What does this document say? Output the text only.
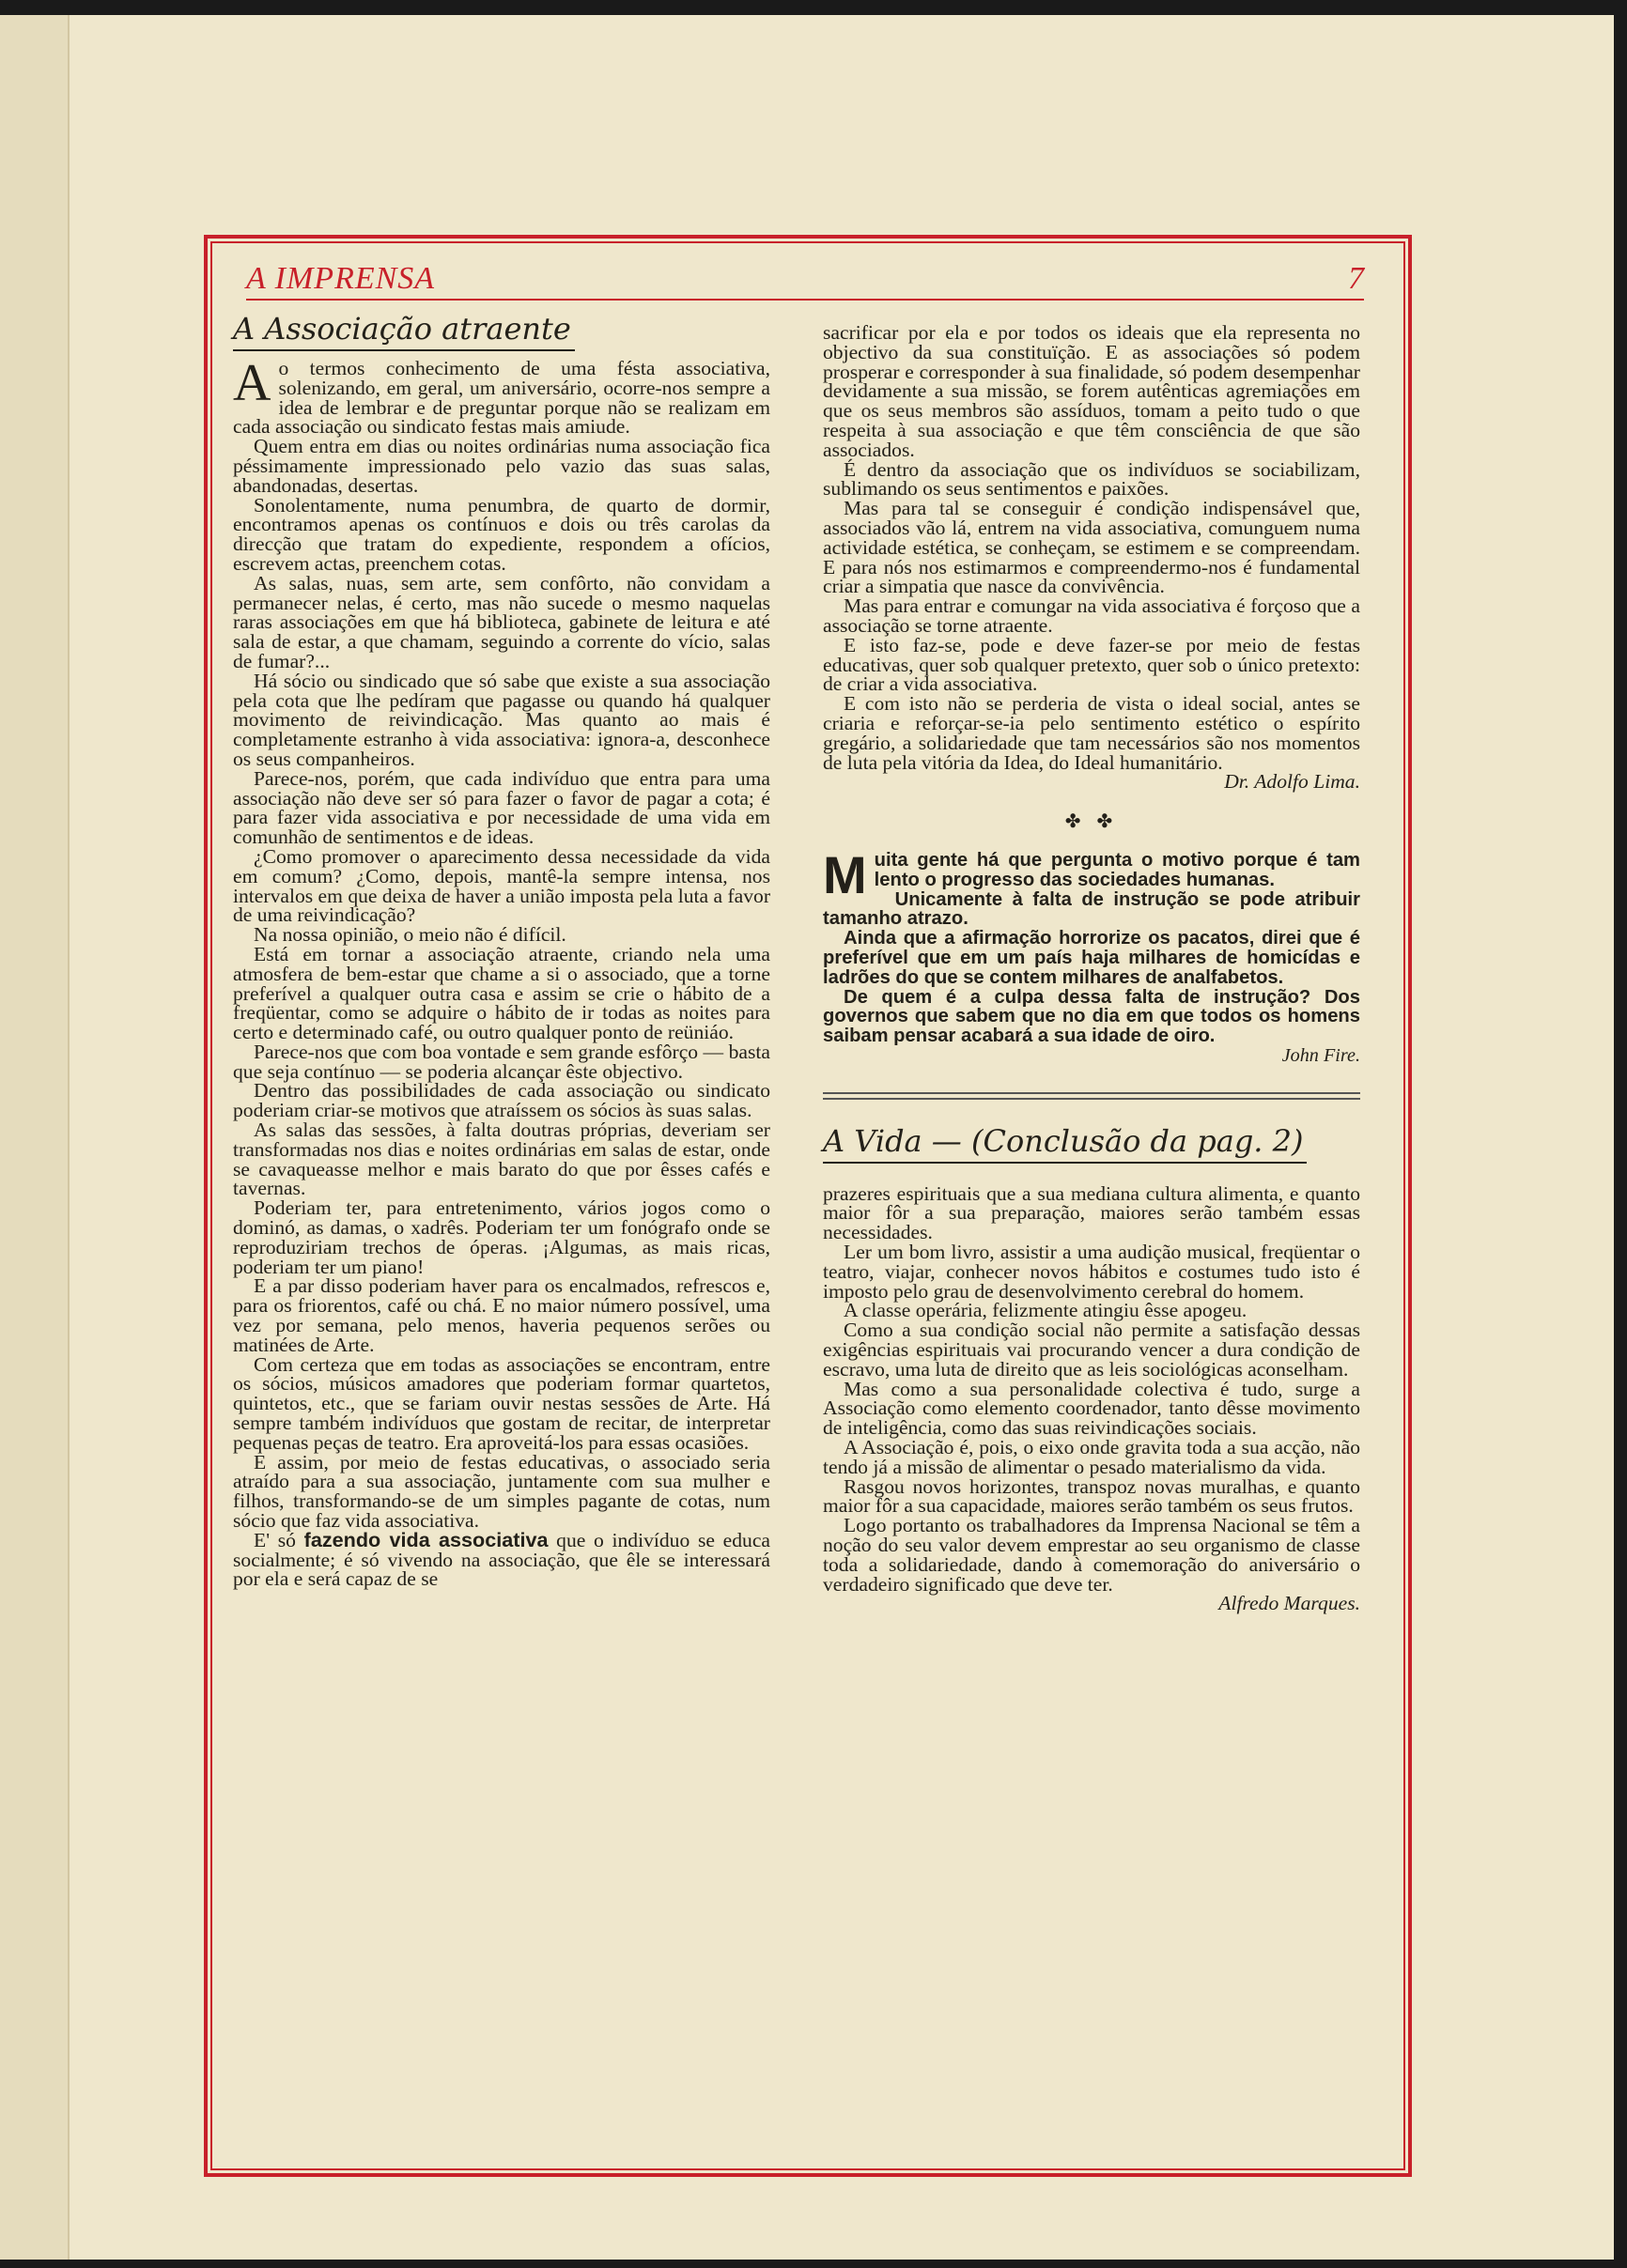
A IMPRENSA	7
A Associação atraente

Ao termos conhecimento de uma fésta associativa, solenizando, em geral, um aniversário, ocorre-nos sempre a idea de lembrar e de preguntar porque não se realizam em cada associação ou sindicato festas mais amiude.

Quem entra em dias ou noites ordinárias numa associação fica péssimamente impressionado pelo vazio das suas salas, abandonadas, desertas.

Sonolentamente, numa penumbra, de quarto de dormir, encontramos apenas os contínuos e dois ou três carolas da direcção que tratam do expediente, respondem a ofícios, escrevem actas, preenchem cotas.

As salas, nuas, sem arte, sem confôrto, não convidam a permanecer nelas, é certo, mas não sucede o mesmo naquelas raras associações em que há biblioteca, gabinete de leitura e até sala de estar, a que chamam, seguindo a corrente do vício, salas de fumar?...

Há sócio ou sindicado que só sabe que existe a sua associação pela cota que lhe pedíram que pagasse ou quando há qualquer movimento de reivindicação. Mas quanto ao mais é completamente estranho à vida associativa: ignora-a, desconhece os seus companheiros.

Parece-nos, porém, que cada indivíduo que entra para uma associação não deve ser só para fazer o favor de pagar a cota; é para fazer vida associativa e por necessidade de uma vida em comunhão de sentimentos e de ideas.

¿Como promover o aparecimento dessa necessidade da vida em comum? ¿Como, depois, mantê-la sempre intensa, nos intervalos em que deixa de haver a união imposta pela luta a favor de uma reivindicação?

Na nossa opinião, o meio não é difícil.

Está em tornar a associação atraente, criando nela uma atmosfera de bem-estar que chame a si o associado, que a torne preferível a qualquer outra casa e assim se crie o hábito de a freqüentar, como se adquire o hábito de ir todas as noites para certo e determinado café, ou outro qualquer ponto de reüniáo.

Parece-nos que com boa vontade e sem grande esfôrço — basta que seja contínuo — se poderia alcançar êste objectivo.

Dentro das possibilidades de cada associação ou sindicato poderiam criar-se motivos que atraíssem os sócios às suas salas.

As salas das sessões, à falta doutras próprias, deveriam ser transformadas nos dias e noites ordinárias em salas de estar, onde se cavaqueasse melhor e mais barato do que por êsses cafés e tavernas.

Poderiam ter, para entretenimento, vários jogos como o dominó, as damas, o xadrês. Poderiam ter um fonógrafo onde se reproduziriam trechos de óperas. ¡Algumas, as mais ricas, poderiam ter um piano!

E a par disso poderiam haver para os encalmados, refrescos e, para os friorentos, café ou chá. E no maior número possível, uma vez por semana, pelo menos, haveria pequenos serões ou matinées de Arte.

Com certeza que em todas as associações se encontram, entre os sócios, músicos amadores que poderiam formar quartetos, quintetos, etc., que se fariam ouvir nestas sessões de Arte. Há sempre também indivíduos que gostam de recitar, de interpretar pequenas peças de teatro. Era aproveitá-los para essas ocasiões.

E assim, por meio de festas educativas, o associado seria atraído para a sua associação, juntamente com sua mulher e filhos, transformando-se de um simples pagante de cotas, num sócio que faz vida associativa.

E' só fazendo vida associativa que o indivíduo se educa socialmente; é só vivendo na associação, que êle se interessará por ela e será capaz de se

sacrificar por ela e por todos os ideais que ela representa no objectivo da sua constituïção. E as associações só podem prosperar e corresponder à sua finalidade, só podem desempenhar devidamente a sua missão, se forem autênticas agremiações em que os seus membros são assíduos, tomam a peito tudo o que respeita à sua associação e que têm consciência de que são associados.

É dentro da associação que os indivíduos se sociabilizam, sublimando os seus sentimentos e paixões.

Mas para tal se conseguir é condição indispensável que, associados vão lá, entrem na vida associativa, comunguem numa actividade estética, se conheçam, se estimem e se compreendam. E para nós nos estimarmos e compreendermo-nos é fundamental criar a simpatia que nasce da convivência.

Mas para entrar e comungar na vida associativa é forçoso que a associação se torne atraente.

E isto faz-se, pode e deve fazer-se por meio de festas educativas, quer sob qualquer pretexto, quer sob o único pretexto: de criar a vida associativa.

E com isto não se perderia de vista o ideal social, antes se criaria e reforçar-se-ia pelo sentimento estético o espírito gregário, a solidariedade que tam necessários são nos momentos de luta pela vitória da Idea, do Ideal humanitário.

Dr. Adolfo Lima.

✤ ✤

Muita gente há que pergunta o motivo porque é tam lento o progresso das sociedades humanas.

Unicamente à falta de instrução se pode atribuir tamanho atrazo.

Ainda que a afirmação horrorize os pacatos, direi que é preferível que em um país haja milhares de homicídas e ladrões do que se contem milhares de analfabetos.

De quem é a culpa dessa falta de instrução? Dos governos que sabem que no dia em que todos os homens saibam pensar acabará a sua idade de oiro.

John Fire.

A Vida — (Conclusão da pag. 2)

prazeres espirituais que a sua mediana cultura alimenta, e quanto maior fôr a sua preparação, maiores serão também essas necessidades.

Ler um bom livro, assistir a uma audição musical, freqüentar o teatro, viajar, conhecer novos hábitos e costumes tudo isto é imposto pelo grau de desenvolvimento cerebral do homem.

A classe operária, felizmente atingiu êsse apogeu.

Como a sua condição social não permite a satisfação dessas exigências espirituais vai procurando vencer a dura condição de escravo, uma luta de direito que as leis sociológicas aconselham.

Mas como a sua personalidade colectiva é tudo, surge a Associação como elemento coordenador, tanto dêsse movimento de inteligência, como das suas reivindicações sociais.

A Associação é, pois, o eixo onde gravita toda a sua acção, não tendo já a missão de alimentar o pesado materialismo da vida.

Rasgou novos horizontes, transpoz novas muralhas, e quanto maior fôr a sua capacidade, maiores serão também os seus frutos.

Logo portanto os trabalhadores da Imprensa Nacional se têm a noção do seu valor devem emprestar ao seu organismo de classe toda a solidariedade, dando à comemoração do aniversário o verdadeiro significado que deve ter.

Alfredo Marques.
